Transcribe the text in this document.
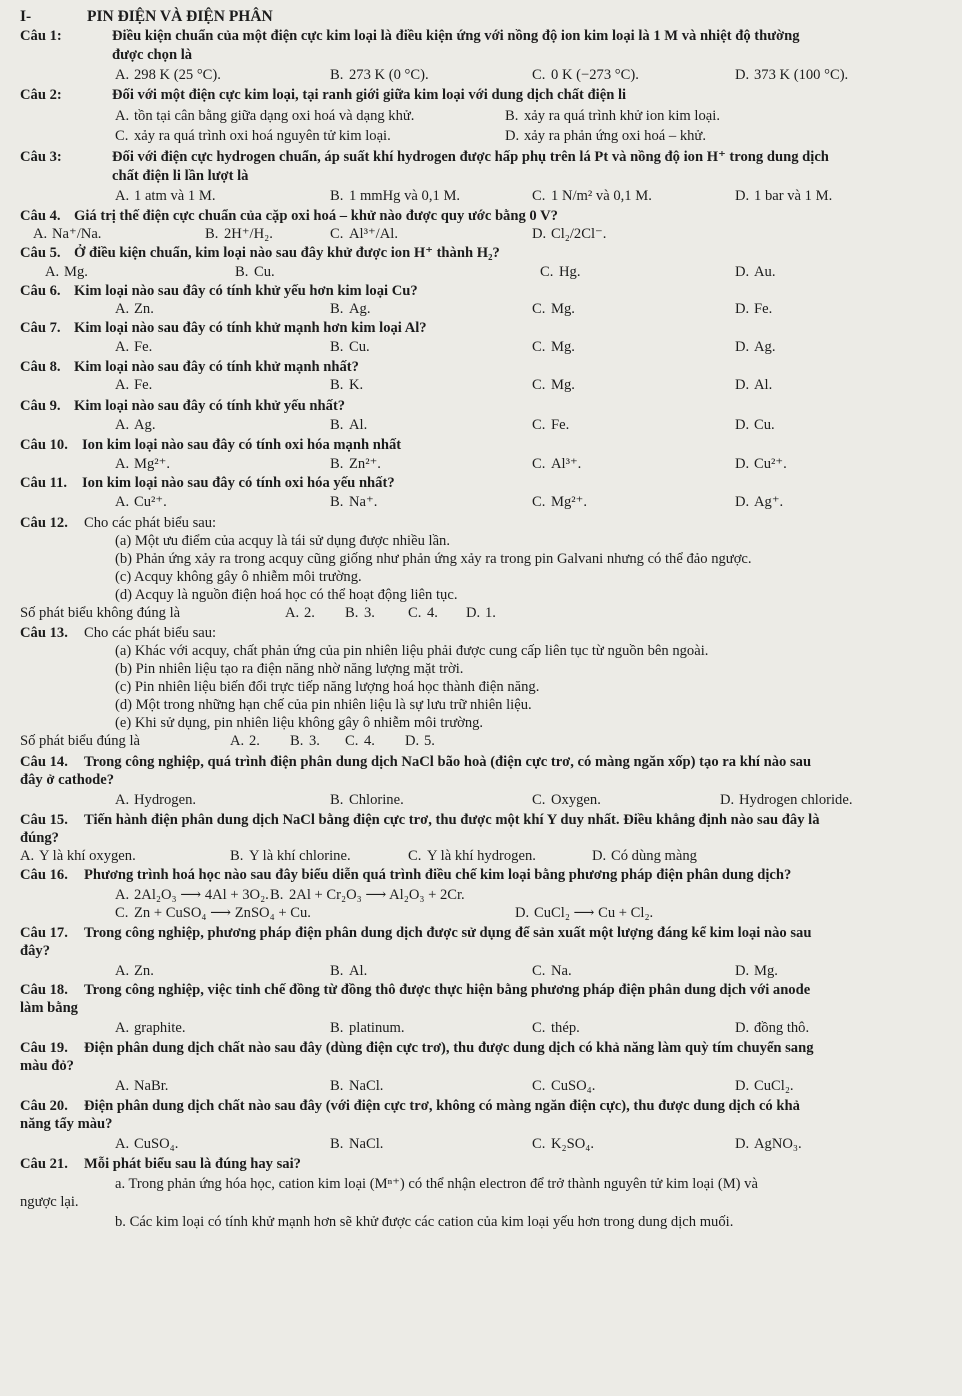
I-	PIN ĐIỆN VÀ ĐIỆN PHÂN
Câu 1:	Điều kiện chuẩn của một điện cực kim loại là điều kiện ứng với nồng độ ion kim loại là 1 M và nhiệt độ thường
được chọn là
A. 298 K (25 °C).	B. 273 K (0 °C).	C. 0 K (−273 °C).	D. 373 K (100 °C).
Câu 2:	Đối với một điện cực kim loại, tại ranh giới giữa kim loại với dung dịch chất điện li
A. tồn tại cân bằng giữa dạng oxi hoá và dạng khử.	B. xảy ra quá trình khử ion kim loại.
C. xảy ra quá trình oxi hoá nguyên tử kim loại.	D. xảy ra phản ứng oxi hoá – khử.
Câu 3:	Đối với điện cực hydrogen chuẩn, áp suất khí hydrogen được hấp phụ trên lá Pt và nồng độ ion H⁺ trong dung dịch
chất điện li lần lượt là
A. 1 atm và 1 M.	B. 1 mmHg và 0,1 M.	C. 1 N/m² và 0,1 M.	D. 1 bar và 1 M.
Câu 4. Giá trị thế điện cực chuẩn của cặp oxi hoá – khử nào được quy ước bằng 0 V?
A. Na⁺/Na.	B. 2H⁺/H₂.	C. Al³⁺/Al.	D. Cl₂/2Cl⁻.
Câu 5. Ở điều kiện chuẩn, kim loại nào sau đây khử được ion H⁺ thành H₂?
A. Mg.	B. Cu.	C. Hg.	D. Au.
Câu 6. Kim loại nào sau đây có tính khử yếu hơn kim loại Cu?
A. Zn.	B. Ag.	C. Mg.	D. Fe.
Câu 7. Kim loại nào sau đây có tính khử mạnh hơn kim loại Al?
A. Fe.	B. Cu.	C. Mg.	D. Ag.
Câu 8. Kim loại nào sau đây có tính khử mạnh nhất?
A. Fe.	B. K.	C. Mg.	D. Al.
Câu 9. Kim loại nào sau đây có tính khử yếu nhất?
A. Ag.	B. Al.	C. Fe.	D. Cu.
Câu 10. Ion kim loại nào sau đây có tính oxi hóa mạnh nhất
A. Mg²⁺.	B. Zn²⁺.	C. Al³⁺.	D. Cu²⁺.
Câu 11. Ion kim loại nào sau đây có tính oxi hóa yếu nhất?
A. Cu²⁺.	B. Na⁺.	C. Mg²⁺.	D. Ag⁺.
Câu 12. Cho các phát biểu sau:
(a) Một ưu điểm của acquy là tái sử dụng được nhiều lần.
(b) Phản ứng xảy ra trong acquy cũng giống như phản ứng xảy ra trong pin Galvani nhưng có thể đảo ngược.
(c) Acquy không gây ô nhiễm môi trường.
(d) Acquy là nguồn điện hoá học có thể hoạt động liên tục.
Số phát biểu không đúng là	A. 2. B. 3. C. 4. D. 1.
Câu 13. Cho các phát biểu sau:
(a) Khác với acquy, chất phản ứng của pin nhiên liệu phải được cung cấp liên tục từ nguồn bên ngoài.
(b) Pin nhiên liệu tạo ra điện năng nhờ năng lượng mặt trời.
(c) Pin nhiên liệu biến đổi trực tiếp năng lượng hoá học thành điện năng.
(d) Một trong những hạn chế của pin nhiên liệu là sự lưu trữ nhiên liệu.
(e) Khi sử dụng, pin nhiên liệu không gây ô nhiễm môi trường.
Số phát biểu đúng là	A. 2. B. 3. C. 4. D. 5.
Câu 14. Trong công nghiệp, quá trình điện phân dung dịch NaCl bão hoà (điện cực trơ, có màng ngăn xốp) tạo ra khí nào sau
đây ở cathode?
A. Hydrogen.	B. Chlorine.	C. Oxygen.	D. Hydrogen chloride.
Câu 15. Tiến hành điện phân dung dịch NaCl bằng điện cực trơ, thu được một khí Y duy nhất. Điều khẳng định nào sau đây là
đúng?
A. Y là khí oxygen.	B. Y là khí chlorine.	C. Y là khí hydrogen.	D. Có dùng màng
Câu 16. Phương trình hoá học nào sau đây biểu diễn quá trình điều chế kim loại bằng phương pháp điện phân dung dịch?
A. 2Al₂O₃ ⟶ 4Al + 3O₂. B. 2Al + Cr₂O₃ ⟶ Al₂O₃ + 2Cr.
C. Zn + CuSO₄ ⟶ ZnSO₄ + Cu.	D. CuCl₂ ⟶ Cu + Cl₂.
Câu 17. Trong công nghiệp, phương pháp điện phân dung dịch được sử dụng để sản xuất một lượng đáng kể kim loại nào sau
đây?
A. Zn.	B. Al.	C. Na.	D. Mg.
Câu 18. Trong công nghiệp, việc tinh chế đồng từ đồng thô được thực hiện bằng phương pháp điện phân dung dịch với anode
làm bằng
A. graphite.	B. platinum.	C. thép.	D. đồng thô.
Câu 19. Điện phân dung dịch chất nào sau đây (dùng điện cực trơ), thu được dung dịch có khả năng làm quỳ tím chuyển sang
màu đỏ?
A. NaBr.	B. NaCl.	C. CuSO₄.	D. CuCl₂.
Câu 20. Điện phân dung dịch chất nào sau đây (với điện cực trơ, không có màng ngăn điện cực), thu được dung dịch có khả
năng tẩy màu?
A. CuSO₄.	B. NaCl.	C. K₂SO₄.	D. AgNO₃.
Câu 21. Mỗi phát biểu sau là đúng hay sai?
a. Trong phản ứng hóa học, cation kim loại (Mⁿ⁺) có thể nhận electron để trở thành nguyên tử kim loại (M) và
ngược lại.
b. Các kim loại có tính khử mạnh hơn sẽ khử được các cation của kim loại yếu hơn trong dung dịch muối.
